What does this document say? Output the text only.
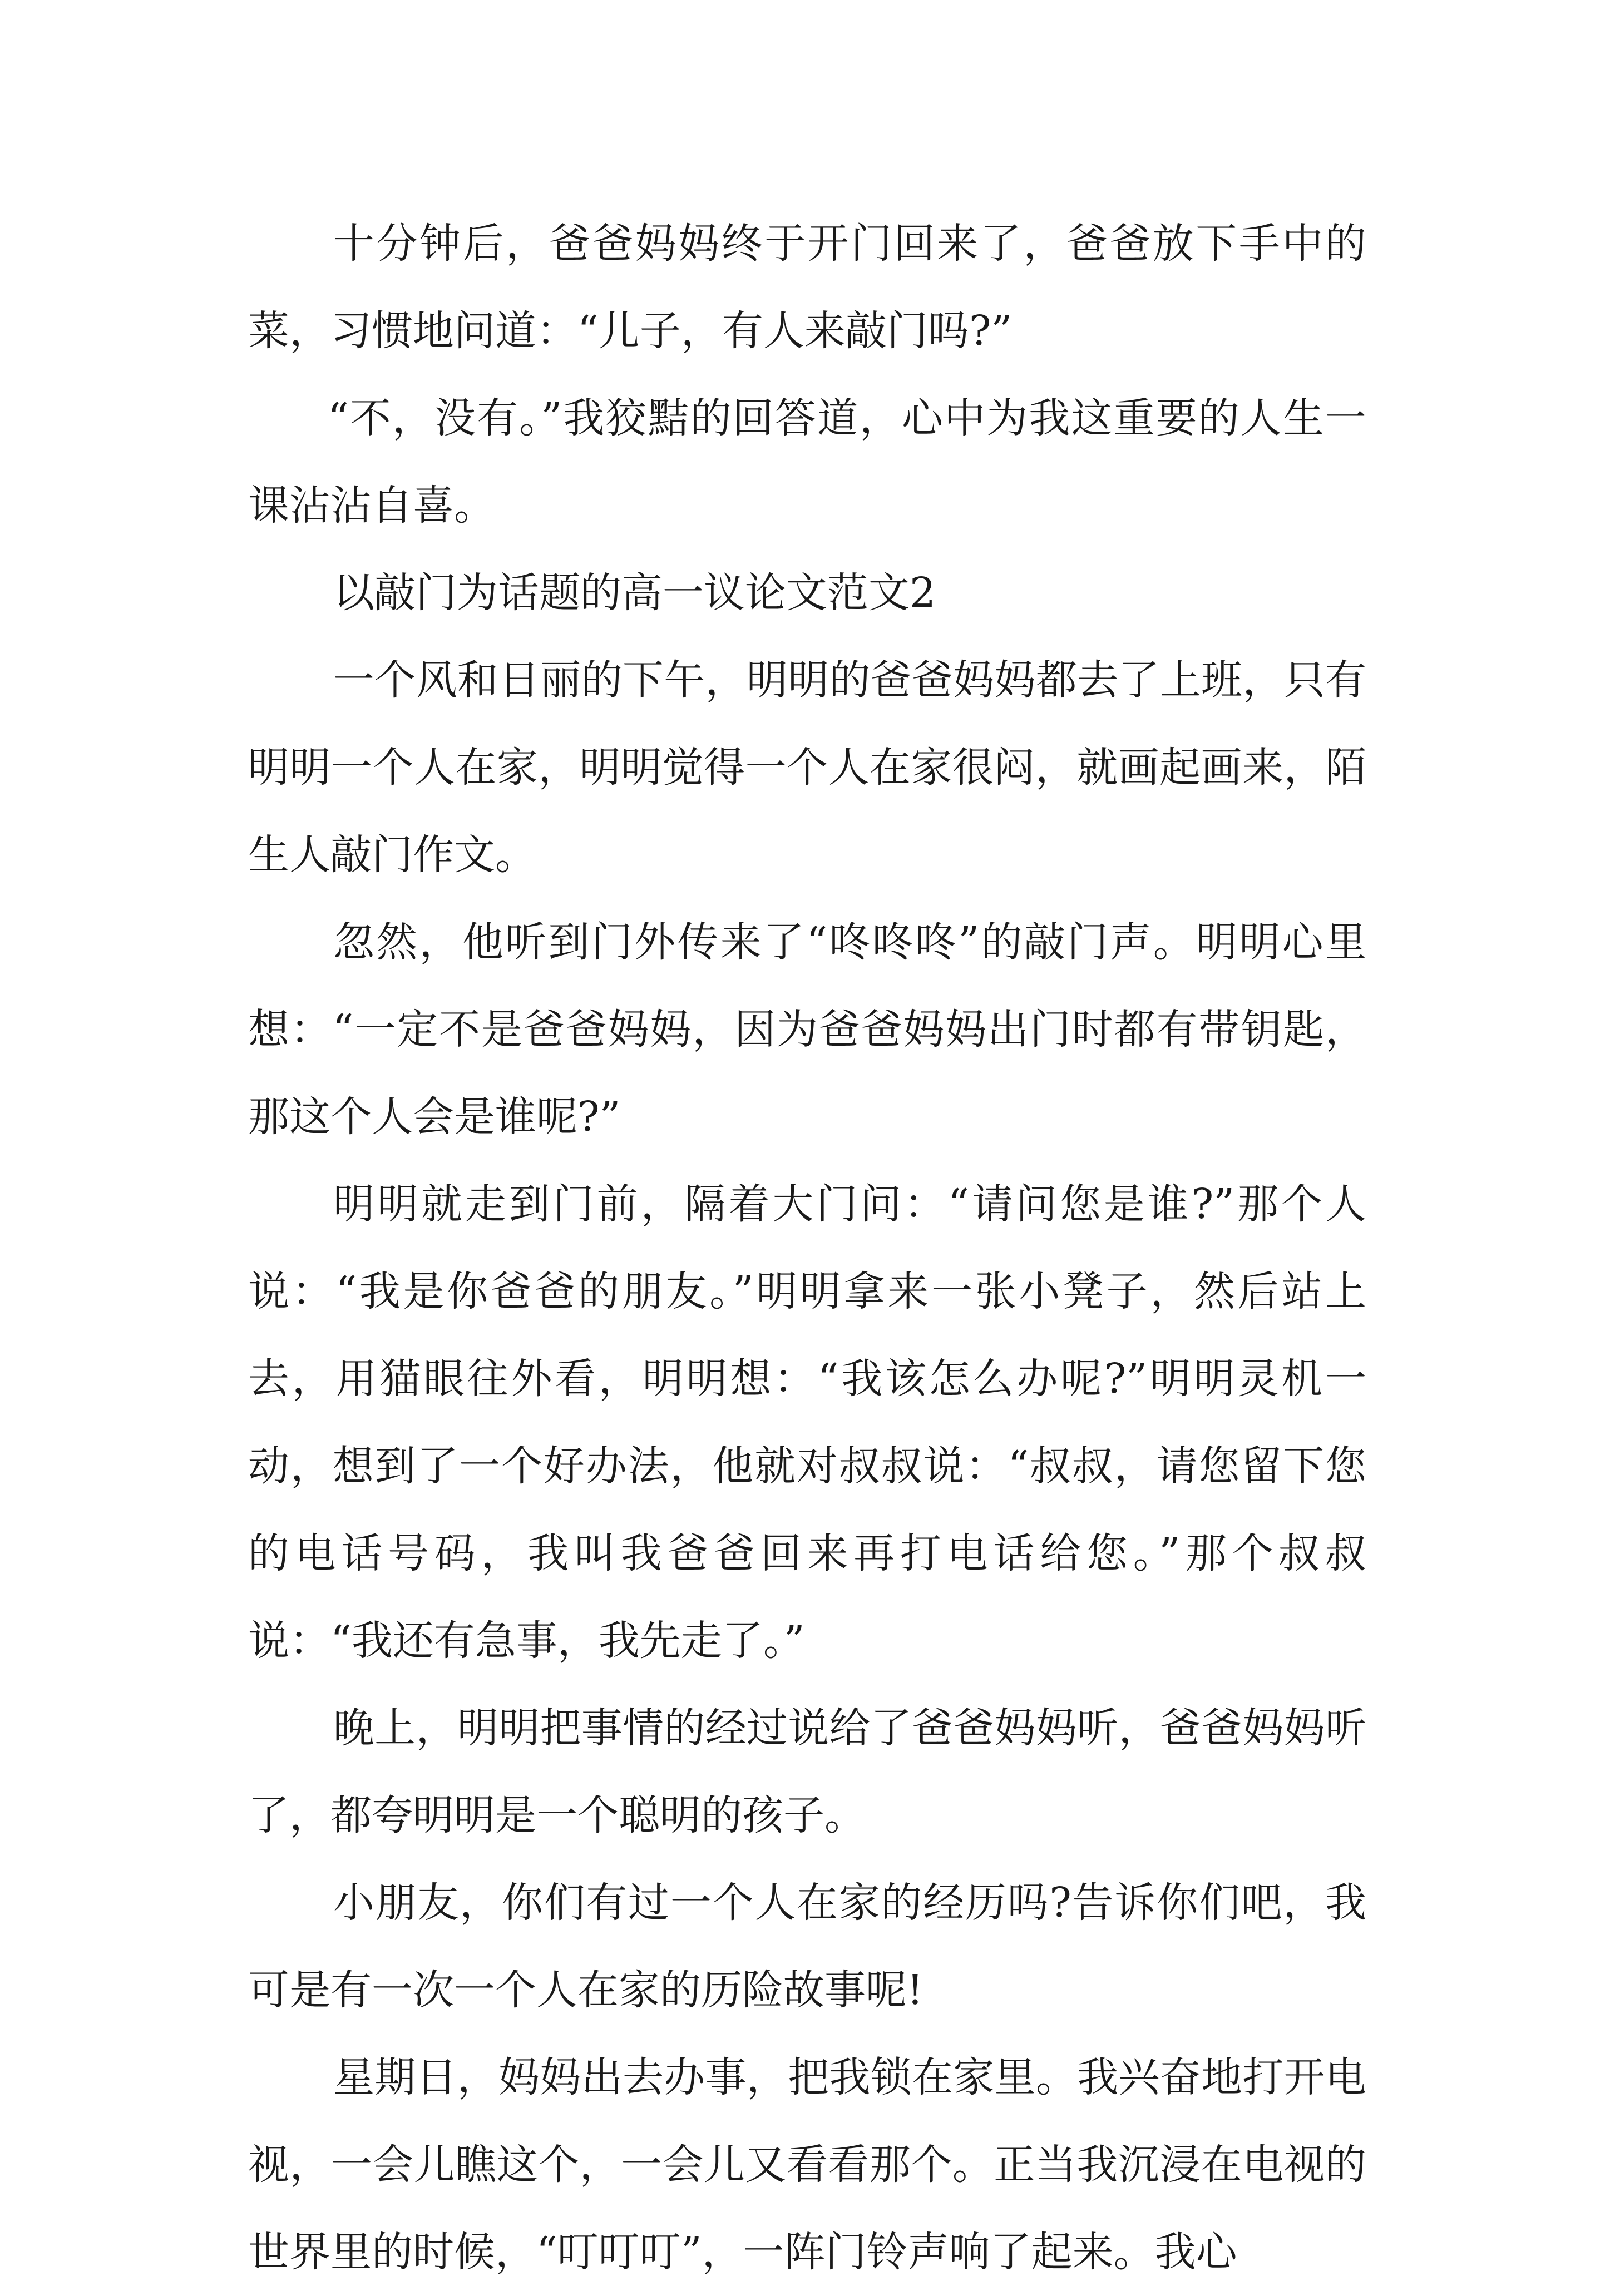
十分钟后，爸爸妈妈终于开门回来了，爸爸放下手中的菜，习惯地问道：“儿子，有人来敲门吗?”

“不，没有。”我狡黠的回答道，心中为我这重要的人生一课沾沾自喜。

以敲门为话题的高一议论文范文2

一个风和日丽的下午，明明的爸爸妈妈都去了上班，只有明明一个人在家，明明觉得一个人在家很闷，就画起画来，陌生人敲门作文。

忽然，他听到门外传来了“咚咚咚”的敲门声。明明心里想：“一定不是爸爸妈妈，因为爸爸妈妈出门时都有带钥匙，那这个人会是谁呢?”

明明就走到门前，隔着大门问：“请问您是谁?”那个人说：“我是你爸爸的朋友。”明明拿来一张小凳子，然后站上去，用猫眼往外看，明明想：“我该怎么办呢?”明明灵机一动，想到了一个好办法，他就对叔叔说：“叔叔，请您留下您的电话号码，我叫我爸爸回来再打电话给您。”那个叔叔说：“我还有急事，我先走了。”

晚上，明明把事情的经过说给了爸爸妈妈听，爸爸妈妈听了，都夸明明是一个聪明的孩子。

小朋友，你们有过一个人在家的经历吗?告诉你们吧，我可是有一次一个人在家的历险故事呢!

星期日，妈妈出去办事，把我锁在家里。我兴奋地打开电视，一会儿瞧这个，一会儿又看看那个。正当我沉浸在电视的世界里的时候，“叮叮叮”，一阵门铃声响了起来。我心
